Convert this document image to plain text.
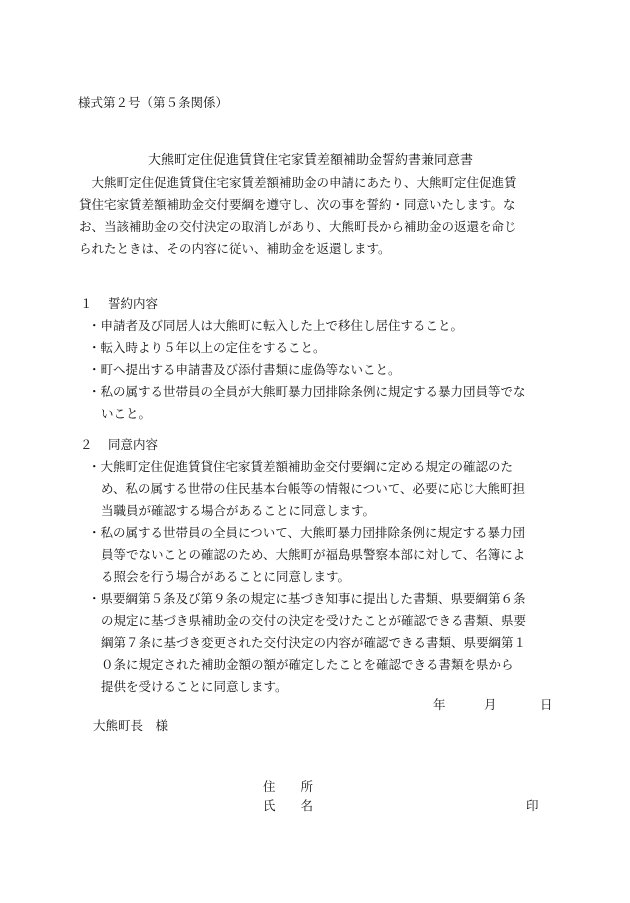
様式第２号（第５条関係）
大熊町定住促進賃貸住宅家賃差額補助金誓約書兼同意書
　大熊町定住促進賃貸住宅家賃差額補助金の申請にあたり、大熊町定住促進賃
貸住宅家賃差額補助金交付要綱を遵守し、次の事を誓約・同意いたします。な
お、当該補助金の交付決定の取消しがあり、大熊町長から補助金の返還を命じ
られたときは、その内容に従い、補助金を返還します。
１ 誓約内容
・申請者及び同居人は大熊町に転入した上で移住し居住すること。
・転入時より５年以上の定住をすること。
・町へ提出する申請書及び添付書類に虚偽等ないこと。
・私の属する世帯員の全員が大熊町暴力団排除条例に規定する暴力団員等でな
いこと。
２ 同意内容
・大熊町定住促進賃貸住宅家賃差額補助金交付要綱に定める規定の確認のた
め、私の属する世帯の住民基本台帳等の情報について、必要に応じ大熊町担
当職員が確認する場合があることに同意します。
・私の属する世帯員の全員について、大熊町暴力団排除条例に規定する暴力団
員等でないことの確認のため、大熊町が福島県警察本部に対して、名簿によ
る照会を行う場合があることに同意します。
・県要綱第５条及び第９条の規定に基づき知事に提出した書類、県要綱第６条
の規定に基づき県補助金の交付の決定を受けたことが確認できる書類、県要
綱第７条に基づき変更された交付決定の内容が確認できる書類、県要綱第１
０条に規定された補助金額の額が確定したことを確認できる書類を県から
提供を受けることに同意します。
年	月	日
大熊町長　様
住　　所
氏　　名	印
